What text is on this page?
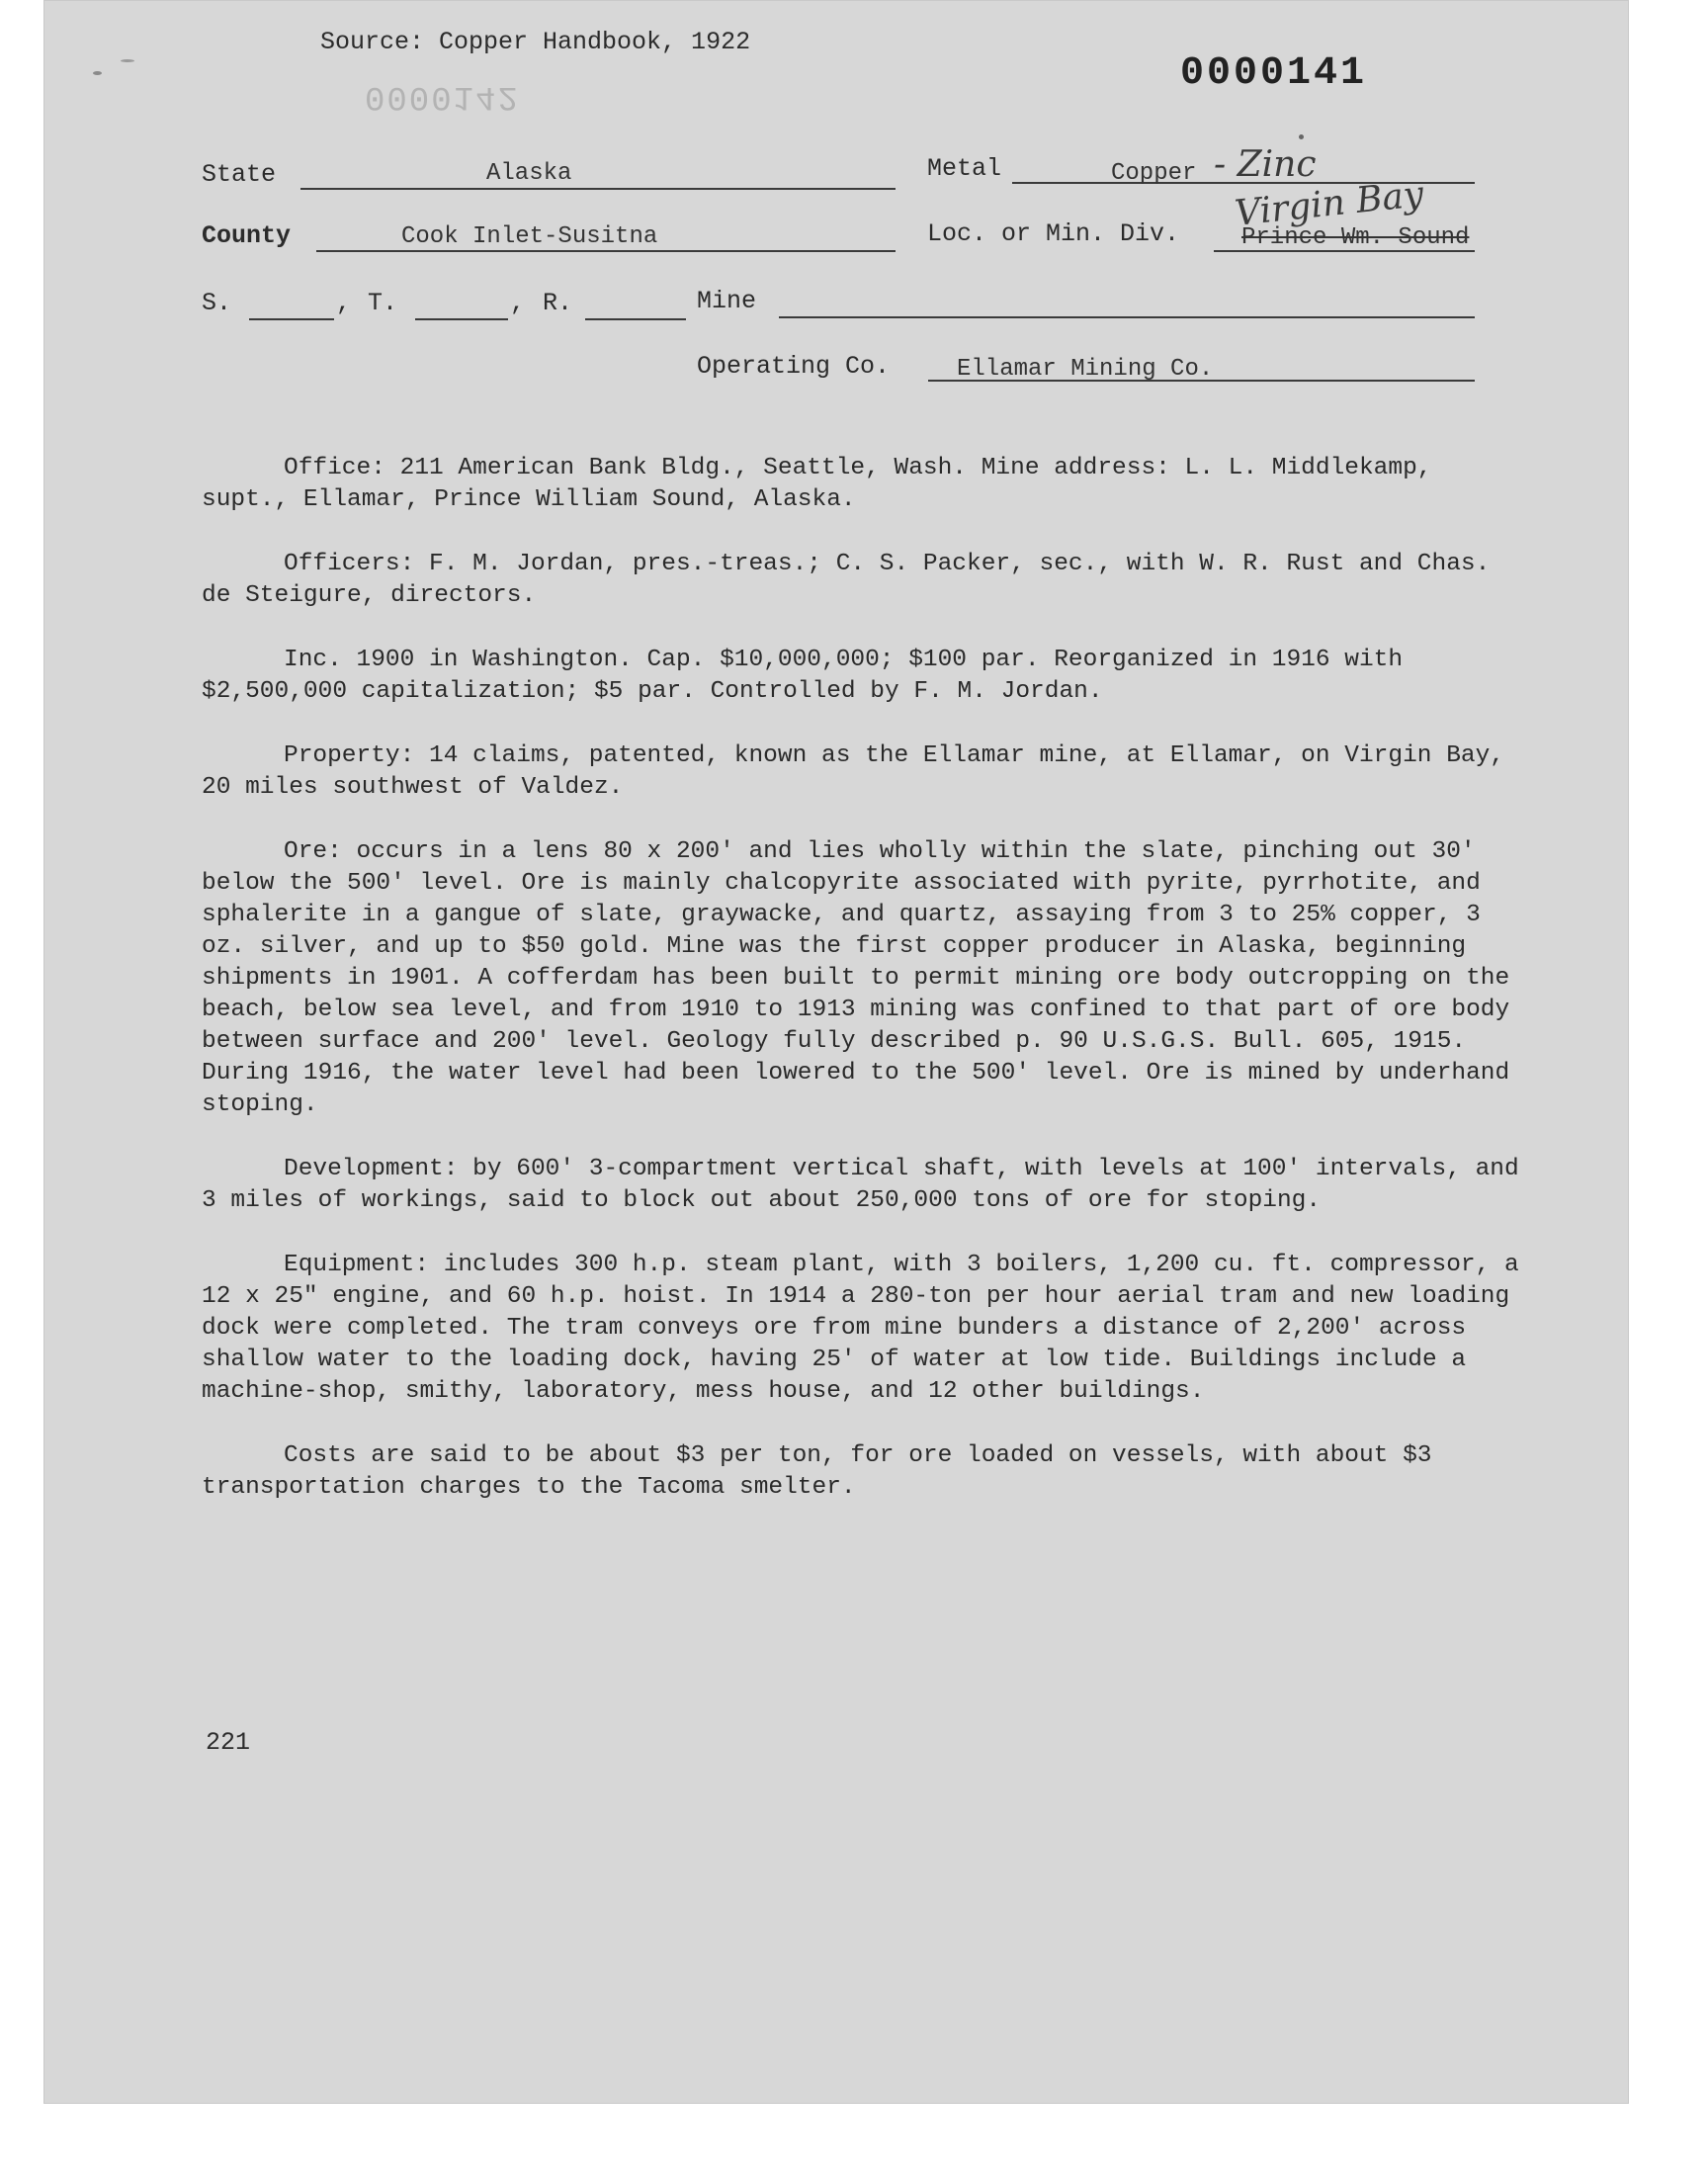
Source: Copper Handbook, 1922
0000141
0000142
State	Alaska	Metal	Copper - Zinc
County	Cook Inlet-Susitna	Loc. or Min. Div. Virgin Bay
Prince Wm. Sound
S.	, T.	, R.	Mine
Operating Co.	Ellamar Mining Co.

Office: 211 American Bank Bldg., Seattle, Wash. Mine address: L. L. Middlekamp, supt., Ellamar, Prince William Sound, Alaska.

Officers: F. M. Jordan, pres.-treas.; C. S. Packer, sec., with W. R. Rust and Chas. de Steigure, directors.

Inc. 1900 in Washington. Cap. $10,000,000; $100 par. Reorganized in 1916 with $2,500,000 capitalization; $5 par. Controlled by F. M. Jordan.

Property: 14 claims, patented, known as the Ellamar mine, at Ellamar, on Virgin Bay, 20 miles southwest of Valdez.

Ore: occurs in a lens 80 x 200' and lies wholly within the slate, pinching out 30' below the 500' level. Ore is mainly chalcopyrite associated with pyrite, pyrrhotite, and sphalerite in a gangue of slate, graywacke, and quartz, assaying from 3 to 25% copper, 3 oz. silver, and up to $50 gold. Mine was the first copper producer in Alaska, beginning shipments in 1901. A cofferdam has been built to permit mining ore body outcropping on the beach, below sea level, and from 1910 to 1913 mining was confined to that part of ore body between surface and 200' level. Geology fully described p. 90 U.S.G.S. Bull. 605, 1915. During 1916, the water level had been lowered to the 500' level. Ore is mined by underhand stoping.

Development: by 600' 3-compartment vertical shaft, with levels at 100' intervals, and 3 miles of workings, said to block out about 250,000 tons of ore for stoping.

Equipment: includes 300 h.p. steam plant, with 3 boilers, 1,200 cu. ft. compressor, a 12 x 25" engine, and 60 h.p. hoist. In 1914 a 280-ton per hour aerial tram and new loading dock were completed. The tram conveys ore from mine bunders a distance of 2,200' across shallow water to the loading dock, having 25' of water at low tide. Buildings include a machine-shop, smithy, laboratory, mess house, and 12 other buildings.

Costs are said to be about $3 per ton, for ore loaded on vessels, with about $3 transportation charges to the Tacoma smelter.

221
